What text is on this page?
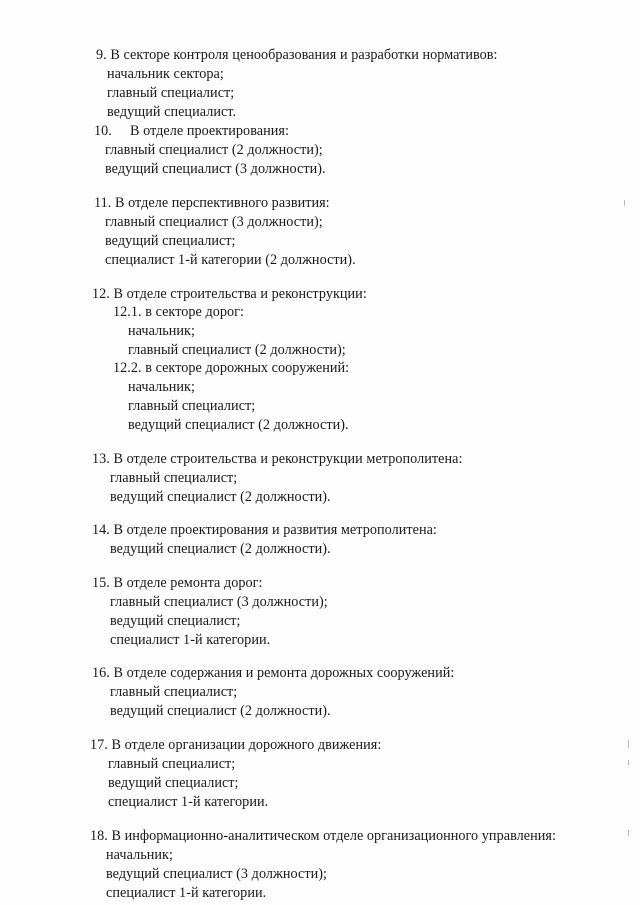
9. В секторе контроля ценообразования и разработки нормативов:
начальник сектора;
главный специалист;
ведущий специалист.
10. В отделе проектирования:
главный специалист (2 должности);
ведущий специалист (3 должности).
11. В отделе перспективного развития:
главный специалист (3 должности);
ведущий специалист;
специалист 1-й категории (2 должности).
12. В отделе строительства и реконструкции:
12.1. в секторе дорог:
начальник;
главный специалист (2 должности);
12.2. в секторе дорожных сооружений:
начальник;
главный специалист;
ведущий специалист (2 должности).
13. В отделе строительства и реконструкции метрополитена:
главный специалист;
ведущий специалист (2 должности).
14. В отделе проектирования и развития метрополитена:
ведущий специалист (2 должности).
15. В отделе ремонта дорог:
главный специалист (3 должности);
ведущий специалист;
специалист 1-й категории.
16. В отделе содержания и ремонта дорожных сооружений:
главный специалист;
ведущий специалист (2 должности).
17. В отделе организации дорожного движения:
главный специалист;
ведущий специалист;
специалист 1-й категории.
18. В информационно-аналитическом отделе организационного управления:
начальник;
ведущий специалист (3 должности);
специалист 1-й категории.
